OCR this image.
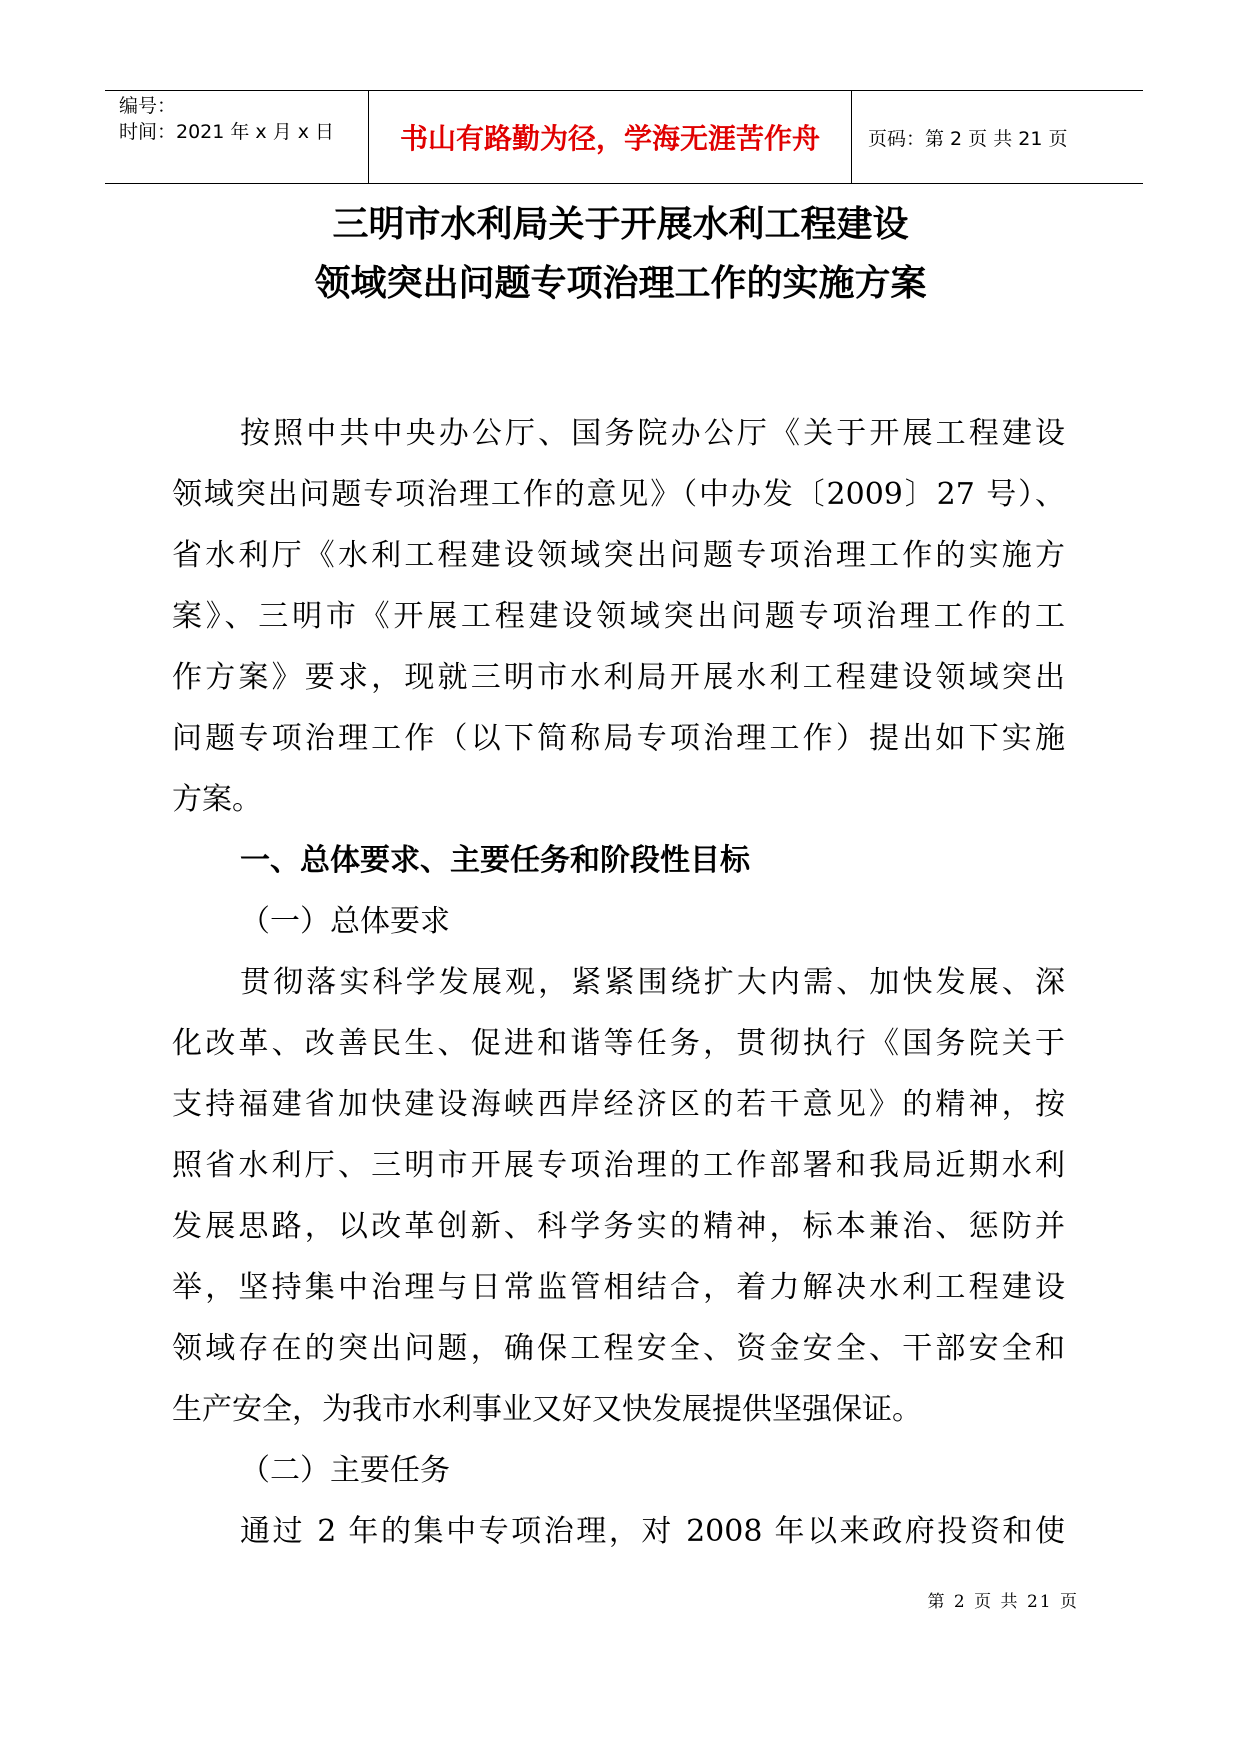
编号：
时间：2021 年 x 月 x 日	书山有路勤为径，学海无涯苦作舟	页码：第 2 页 共 21 页
三明市水利局关于开展水利工程建设
领域突出问题专项治理工作的实施方案
按照中共中央办公厅、国务院办公厅《关于开展工程建设
领域突出问题专项治理工作的意见》（中办发〔2009〕27 号）、
省水利厅《水利工程建设领域突出问题专项治理工作的实施方
案》、三明市《开展工程建设领域突出问题专项治理工作的工
作方案》要求，现就三明市水利局开展水利工程建设领域突出
问题专项治理工作（以下简称局专项治理工作）提出如下实施
方案。
一、总体要求、主要任务和阶段性目标
（一）总体要求
贯彻落实科学发展观，紧紧围绕扩大内需、加快发展、深
化改革、改善民生、促进和谐等任务，贯彻执行《国务院关于
支持福建省加快建设海峡西岸经济区的若干意见》的精神，按
照省水利厅、三明市开展专项治理的工作部署和我局近期水利
发展思路，以改革创新、科学务实的精神，标本兼治、惩防并
举，坚持集中治理与日常监管相结合，着力解决水利工程建设
领域存在的突出问题，确保工程安全、资金安全、干部安全和
生产安全，为我市水利事业又好又快发展提供坚强保证。
（二）主要任务
通过 2 年的集中专项治理，对 2008 年以来政府投资和使
第 2 页 共 21 页
